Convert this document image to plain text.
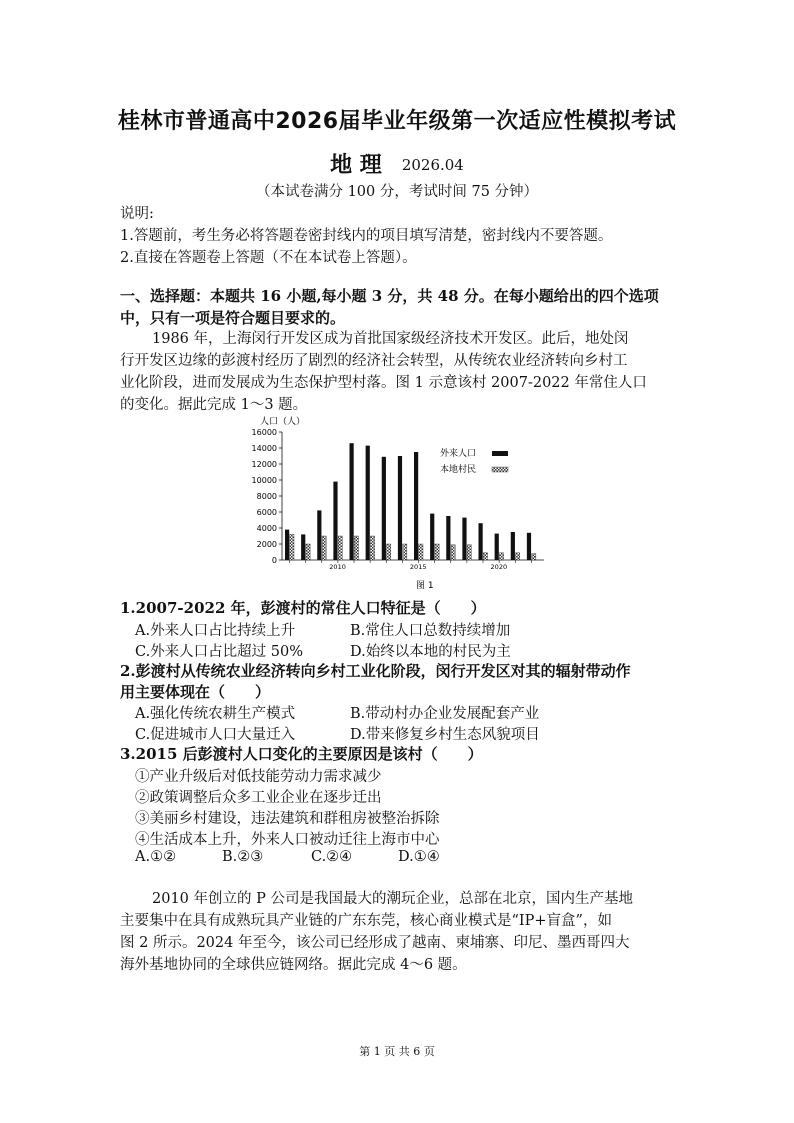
桂林市普通高中2026届毕业年级第一次适应性模拟考试
地 理 2026.04
（本试卷满分 100 分，考试时间 75 分钟）
说明:
1.答题前，考生务必将答题卷密封线内的项目填写清楚，密封线内不要答题。
2.直接在答题卷上答题（不在本试卷上答题）。
一、选择题：本题共 16 小题,每小题 3 分，共 48 分。在每小题给出的四个选项
中，只有一项是符合题目要求的。
1986 年，上海闵行开发区成为首批国家级经济技术开发区。此后，地处闵
行开发区边缘的彭渡村经历了剧烈的经济社会转型，从传统农业经济转向乡村工
业化阶段，进而发展成为生态保护型村落。图 1 示意该村 2007-2022 年常住人口
的变化。据此完成 1～3 题。
人口（人）
16000
14000
12000
10000
8000
6000
4000
2000
0
2010	2015	2020
外来人口
本地村民
图 1
1.2007-2022 年，彭渡村的常住人口特征是（　　）
A.外来人口占比持续上升	B.常住人口总数持续增加
C.外来人口占比超过 50%	D.始终以本地的村民为主
2.彭渡村从传统农业经济转向乡村工业化阶段，闵行开发区对其的辐射带动作
用主要体现在（　　）
A.强化传统农耕生产模式	B.带动村办企业发展配套产业
C.促进城市人口大量迁入	D.带来修复乡村生态风貌项目
3.2015 后彭渡村人口变化的主要原因是该村（　　）
①产业升级后对低技能劳动力需求减少
②政策调整后众多工业企业在逐步迁出
③美丽乡村建设，违法建筑和群租房被整治拆除
④生活成本上升，外来人口被动迁往上海市中心
A.①②	B.②③	C.②④	D.①④
2010 年创立的 P 公司是我国最大的潮玩企业，总部在北京，国内生产基地
主要集中在具有成熟玩具产业链的广东东莞，核心商业模式是“IP+盲盒”，如
图 2 所示。2024 年至今，该公司已经形成了越南、柬埔寨、印尼、墨西哥四大
海外基地协同的全球供应链网络。据此完成 4～6 题。
第 1 页 共 6 页
